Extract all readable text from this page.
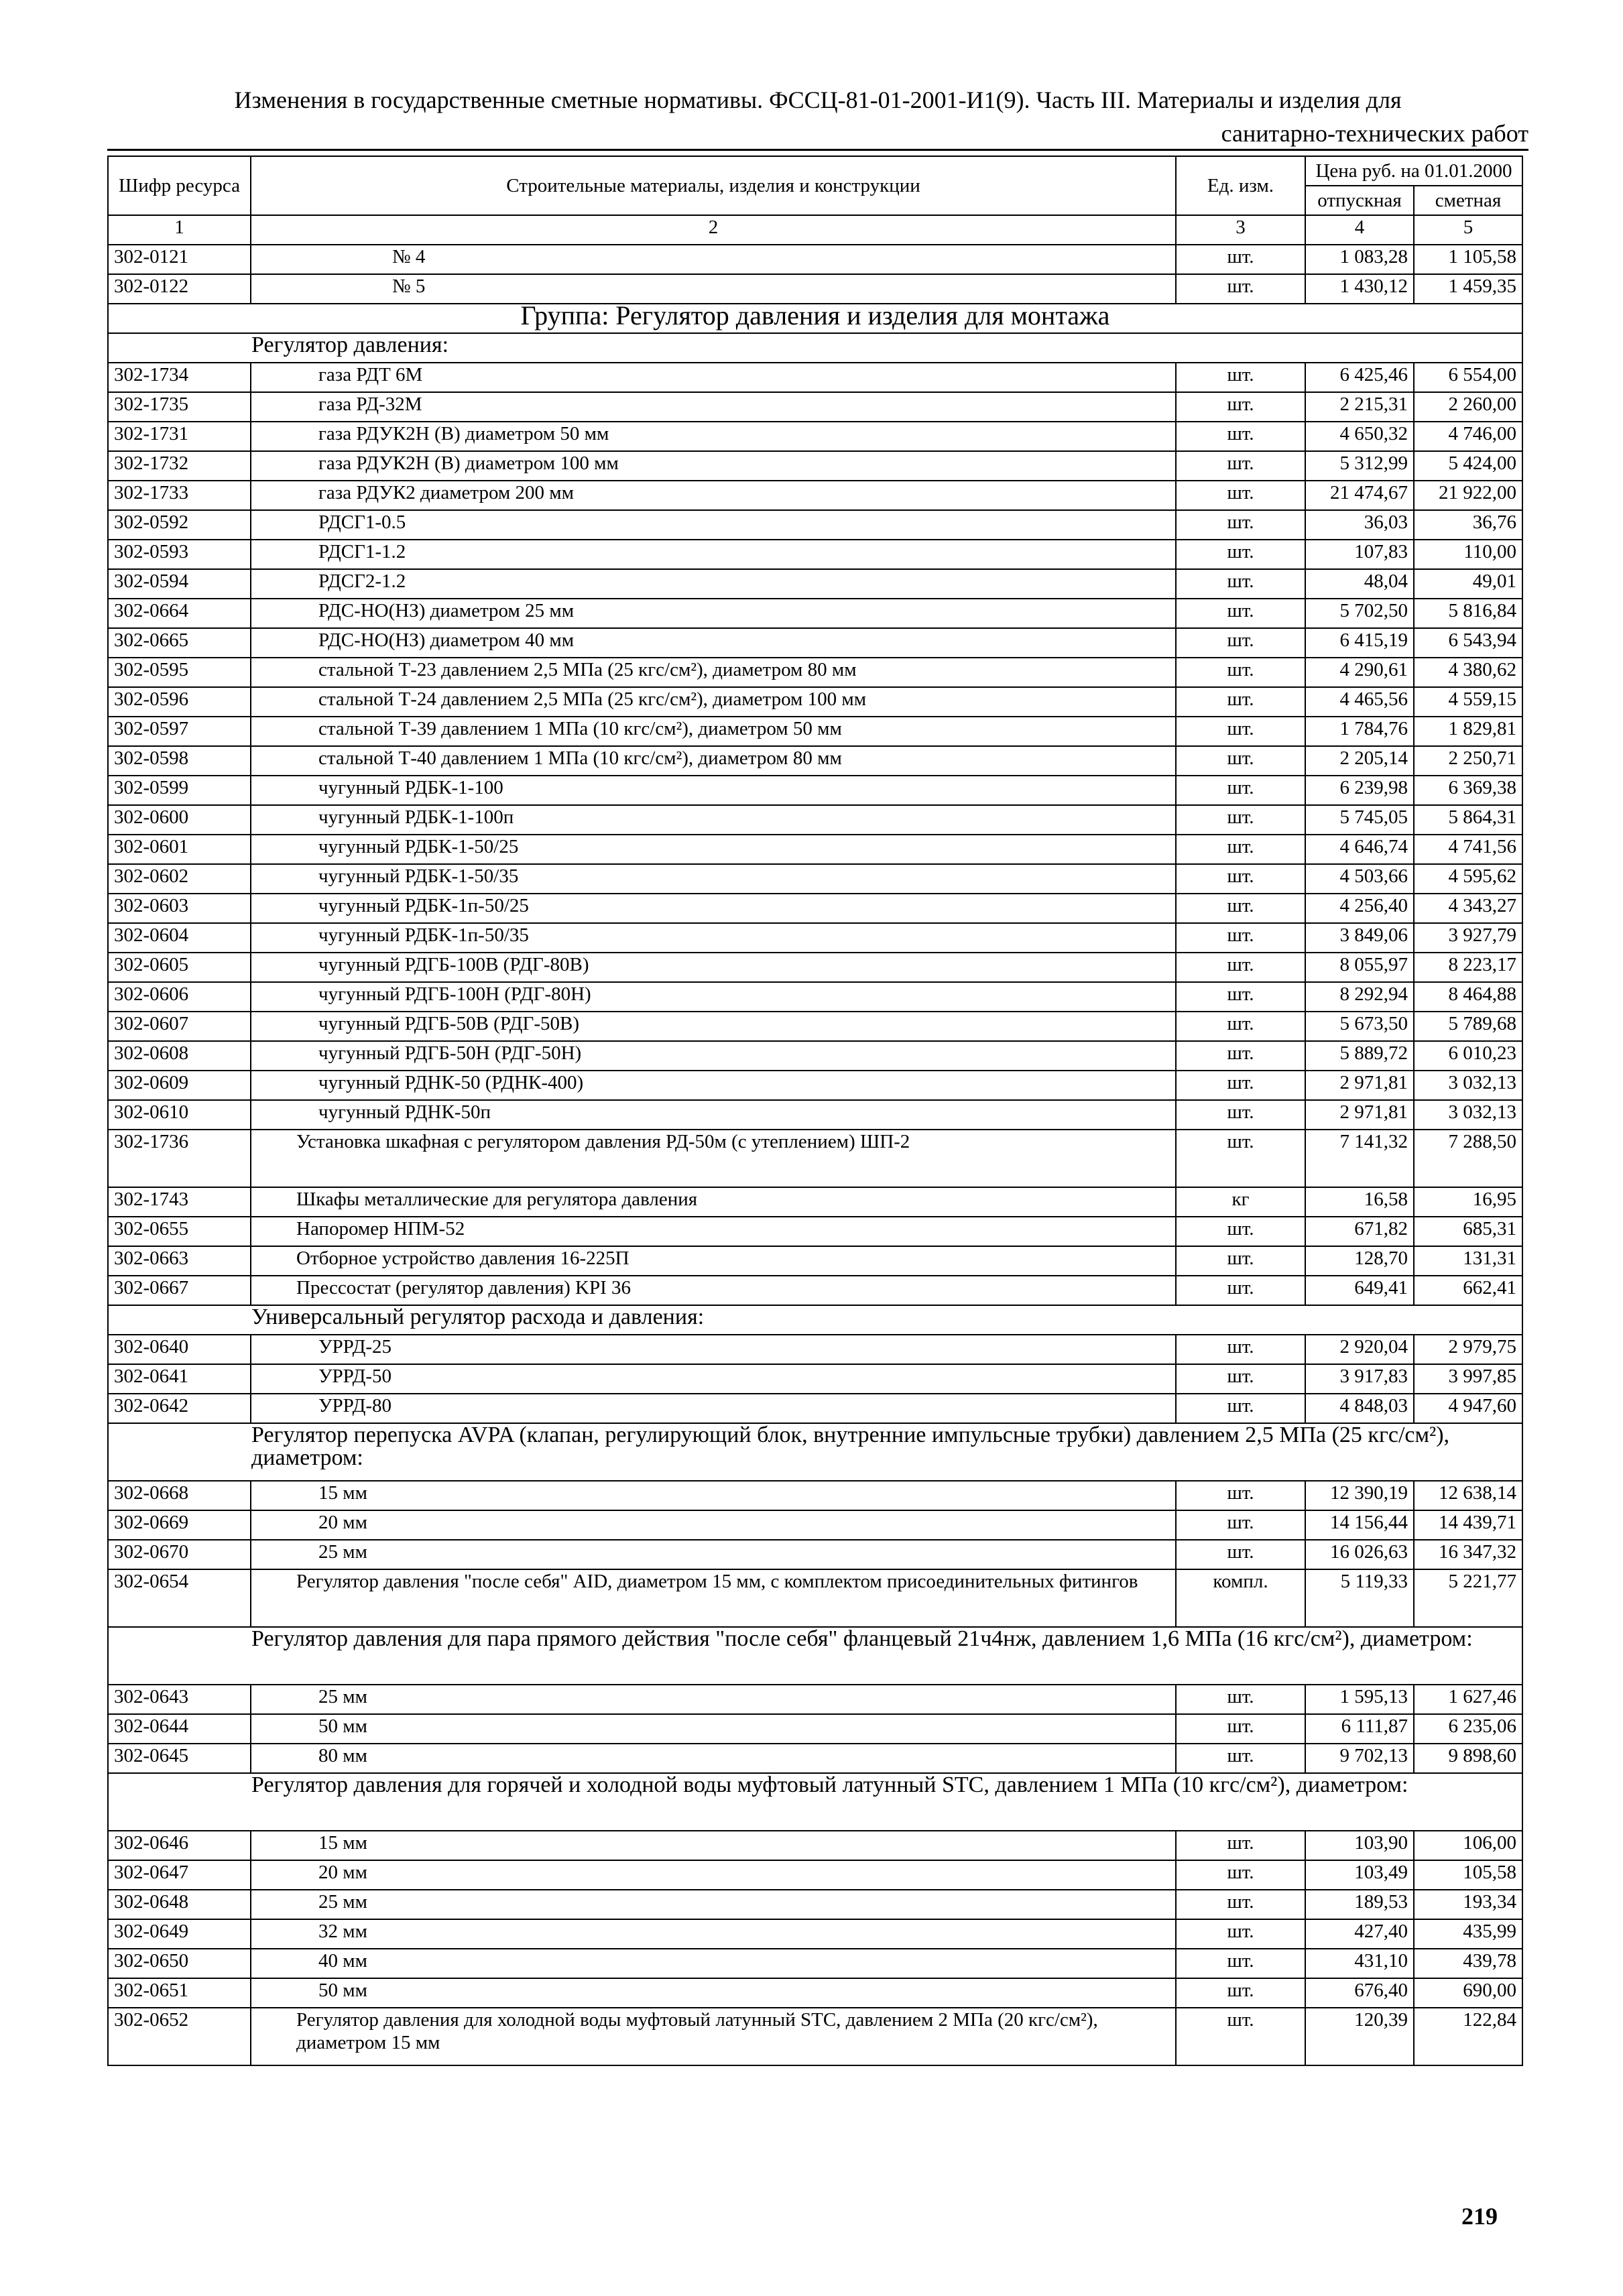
Изменения в государственные сметные нормативы. ФССЦ-81-01-2001-И1(9). Часть III. Материалы и изделия для
санитарно-технических работ
Шифр ресурса	Строительные материалы, изделия и конструкции	Ед. изм.	Цена руб. на 01.01.2000	
			отпускная	сметная
1	2	3	4	5
302-0121	№ 4	шт.	1 083,28	1 105,58
302-0122	№ 5	шт.	1 430,12	1 459,35
Группа: Регулятор давления и изделия для монтажа				
Регулятор давления:				
302-1734	газа РДТ 6М	шт.	6 425,46	6 554,00
302-1735	газа РД-32М	шт.	2 215,31	2 260,00
302-1731	газа РДУК2Н (В) диаметром 50 мм	шт.	4 650,32	4 746,00
302-1732	газа РДУК2Н (В) диаметром 100 мм	шт.	5 312,99	5 424,00
302-1733	газа РДУК2 диаметром 200 мм	шт.	21 474,67	21 922,00
302-0592	РДСГ1-0.5	шт.	36,03	36,76
302-0593	РДСГ1-1.2	шт.	107,83	110,00
302-0594	РДСГ2-1.2	шт.	48,04	49,01
302-0664	РДС-НО(НЗ) диаметром 25 мм	шт.	5 702,50	5 816,84
302-0665	РДС-НО(НЗ) диаметром 40 мм	шт.	6 415,19	6 543,94
302-0595	стальной Т-23 давлением 2,5 МПа (25 кгс/см²), диаметром 80 мм	шт.	4 290,61	4 380,62
302-0596	стальной Т-24 давлением 2,5 МПа (25 кгс/см²), диаметром 100 мм	шт.	4 465,56	4 559,15
302-0597	стальной Т-39 давлением 1 МПа (10 кгс/см²), диаметром 50 мм	шт.	1 784,76	1 829,81
302-0598	стальной Т-40 давлением 1 МПа (10 кгс/см²), диаметром 80 мм	шт.	2 205,14	2 250,71
302-0599	чугунный РДБК-1-100	шт.	6 239,98	6 369,38
302-0600	чугунный РДБК-1-100п	шт.	5 745,05	5 864,31
302-0601	чугунный РДБК-1-50/25	шт.	4 646,74	4 741,56
302-0602	чугунный РДБК-1-50/35	шт.	4 503,66	4 595,62
302-0603	чугунный РДБК-1п-50/25	шт.	4 256,40	4 343,27
302-0604	чугунный РДБК-1п-50/35	шт.	3 849,06	3 927,79
302-0605	чугунный РДГБ-100В (РДГ-80В)	шт.	8 055,97	8 223,17
302-0606	чугунный РДГБ-100Н (РДГ-80Н)	шт.	8 292,94	8 464,88
302-0607	чугунный РДГБ-50В (РДГ-50В)	шт.	5 673,50	5 789,68
302-0608	чугунный РДГБ-50Н (РДГ-50Н)	шт.	5 889,72	6 010,23
302-0609	чугунный РДНК-50 (РДНК-400)	шт.	2 971,81	3 032,13
302-0610	чугунный РДНК-50п	шт.	2 971,81	3 032,13
302-1736	Установка шкафная с регулятором давления РД-50м (с утеплением) ШП-2	шт.	7 141,32	7 288,50
302-1743	Шкафы металлические для регулятора давления	кг	16,58	16,95
302-0655	Напоромер НПМ-52	шт.	671,82	685,31
302-0663	Отборное устройство давления 16-225П	шт.	128,70	131,31
302-0667	Прессостат (регулятор давления) KPI 36	шт.	649,41	662,41
Универсальный регулятор расхода и давления:				
302-0640	УРРД-25	шт.	2 920,04	2 979,75
302-0641	УРРД-50	шт.	3 917,83	3 997,85
302-0642	УРРД-80	шт.	4 848,03	4 947,60
Регулятор перепуска AVPA (клапан, регулирующий блок, внутренние импульсные трубки) давлением 2,5 МПа (25 кгс/см²), диаметром:				
302-0668	15 мм	шт.	12 390,19	12 638,14
302-0669	20 мм	шт.	14 156,44	14 439,71
302-0670	25 мм	шт.	16 026,63	16 347,32
302-0654	Регулятор давления "после себя" AID, диаметром 15 мм, с комплектом присоединительных фитингов	компл.	5 119,33	5 221,77
Регулятор давления для пара прямого действия "после себя" фланцевый 21ч4нж, давлением 1,6 МПа (16 кгс/см²), диаметром:				
302-0643	25 мм	шт.	1 595,13	1 627,46
302-0644	50 мм	шт.	6 111,87	6 235,06
302-0645	80 мм	шт.	9 702,13	9 898,60
Регулятор давления для горячей и холодной воды муфтовый латунный STC, давлением 1 МПа (10 кгс/см²), диаметром:				
302-0646	15 мм	шт.	103,90	106,00
302-0647	20 мм	шт.	103,49	105,58
302-0648	25 мм	шт.	189,53	193,34
302-0649	32 мм	шт.	427,40	435,99
302-0650	40 мм	шт.	431,10	439,78
302-0651	50 мм	шт.	676,40	690,00
302-0652	Регулятор давления для холодной воды муфтовый латунный STC, давлением 2 МПа (20 кгс/см²), диаметром 15 мм	шт.	120,39	122,84
219
